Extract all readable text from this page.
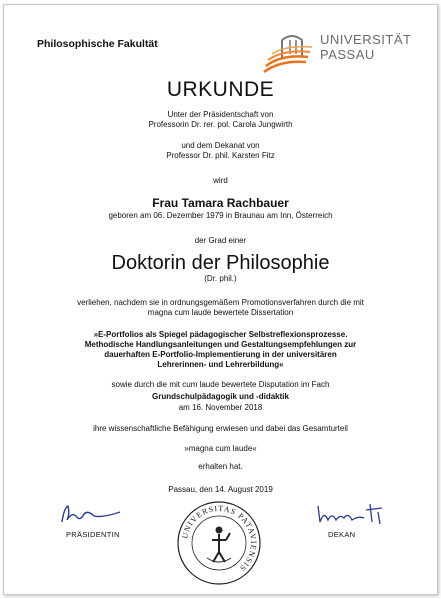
Philosophische Fakultät	UNIVERSITÄT
PASSAU
URKUNDE
Unter der Präsidentschaft von
Professorin Dr. rer. pol. Carola Jungwirth
und dem Dekanat von
Professor Dr. phil. Karsten Fitz
wird
Frau Tamara Rachbauer
geboren am 06. Dezember 1979 in Braunau am Inn, Österreich
der Grad einer
Doktorin der Philosophie
(Dr. phil.)
verliehen, nachdem sie in ordnungsgemäßem Promotionsverfahren durch die mit
magna cum laude bewertete Dissertation
»E-Portfolios als Spiegel pädagogischer Selbstreflexionsprozesse.
Methodische Handlungsanleitungen und Gestaltungsempfehlungen zur
dauerhaften E-Portfolio-Implementierung in der universitären
Lehrerinnen- und Lehrerbildung«
sowie durch die mit cum laude bewertete Disputation im Fach
Grundschulpädagogik und -didaktik
am 16. November 2018
ihre wissenschaftliche Befähigung erwiesen und dabei das Gesamturteil
»magna cum laude«
erhalten hat.
Passau, den 14. August 2019
PRÄSIDENTIN	UNIVERSITAS PATAVIENSIS
DEKAN
